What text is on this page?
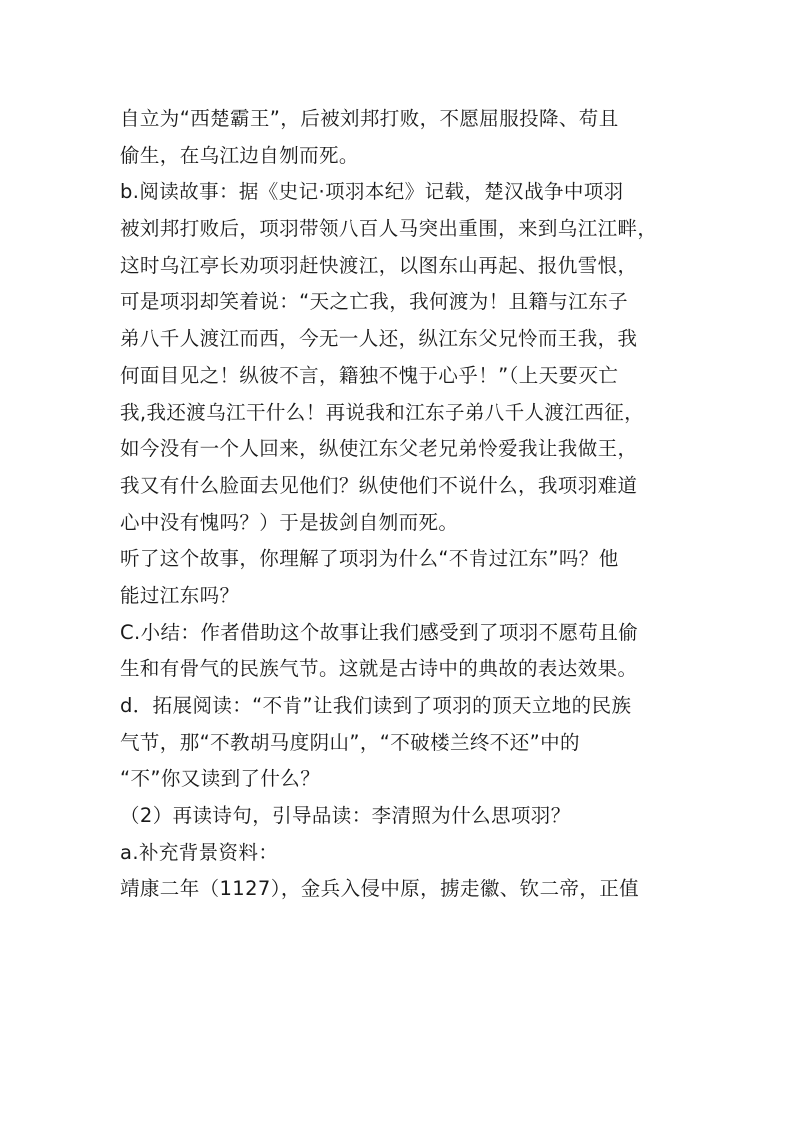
自立为“西楚霸王”，后被刘邦打败，不愿屈服投降、苟且
偷生，在乌江边自刎而死。
b.阅读故事：据《史记·项羽本纪》记载，楚汉战争中项羽
被刘邦打败后，项羽带领八百人马突出重围，来到乌江江畔，
这时乌江亭长劝项羽赶快渡江，以图东山再起、报仇雪恨，
可是项羽却笑着说：“天之亡我，我何渡为！且籍与江东子
弟八千人渡江而西，今无一人还，纵江东父兄怜而王我，我
何面目见之！纵彼不言，籍独不愧于心乎！”（上天要灭亡
我,我还渡乌江干什么！再说我和江东子弟八千人渡江西征，
如今没有一个人回来，纵使江东父老兄弟怜爱我让我做王，
我又有什么脸面去见他们？纵使他们不说什么，我项羽难道
心中没有愧吗？）于是拔剑自刎而死。
听了这个故事，你理解了项羽为什么“不肯过江东”吗？他
能过江东吗？
C.小结：作者借助这个故事让我们感受到了项羽不愿苟且偷
生和有骨气的民族气节。这就是古诗中的典故的表达效果。
d．拓展阅读：“不肯”让我们读到了项羽的顶天立地的民族
气节，那“不教胡马度阴山”，“不破楼兰终不还”中的
“不”你又读到了什么？
（2）再读诗句，引导品读：李清照为什么思项羽？
a.补充背景资料：
靖康二年（1127），金兵入侵中原，掳走徽、钦二帝，正值
